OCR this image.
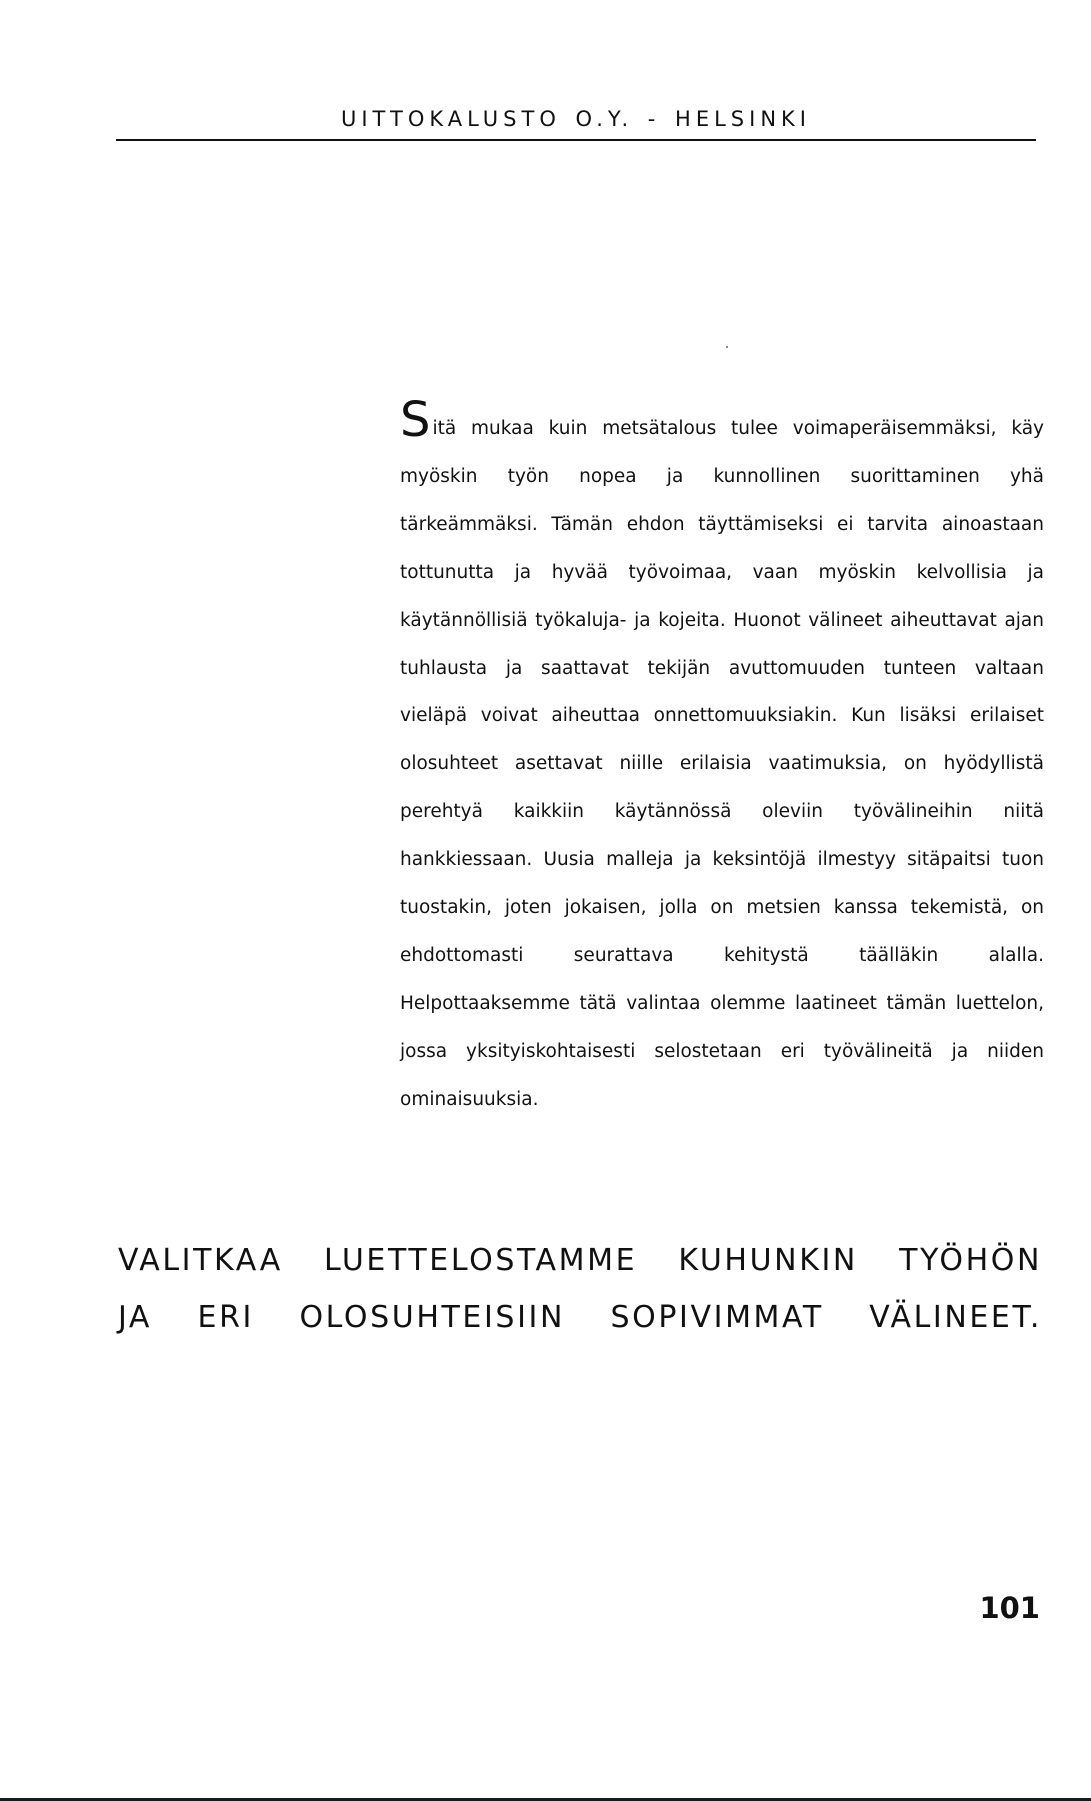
UITTOKALUSTO O.Y. - HELSINKI

Sitä mukaa kuin metsätalous tulee voimaperäisemmäksi, käy myöskin työn nopea ja kunnollinen suorittaminen yhä tärkeämmäksi. Tämän ehdon täyttämiseksi ei tarvita ainoastaan tottunutta ja hyvää työvoimaa, vaan myöskin kelvollisia ja käytännöllisiä työkaluja- ja kojeita. Huonot välineet aiheuttavat ajan tuhlausta ja saattavat tekijän avuttomuuden tunteen valtaan vieläpä voivat aiheuttaa onnettomuuksiakin. Kun lisäksi erilaiset olosuhteet asettavat niille erilaisia vaatimuksia, on hyödyllistä perehtyä kaikkiin käytännössä oleviin työvälineihin niitä hankkiessaan. Uusia malleja ja keksintöjä ilmestyy sitäpaitsi tuon tuostakin, joten jokaisen, jolla on metsien kanssa tekemistä, on ehdottomasti seurattava kehitystä täälläkin alalla. Helpottaaksemme tätä valintaa olemme laatineet tämän luettelon, jossa yksityiskohtaisesti selostetaan eri työvälineitä ja niiden ominaisuuksia.

VALITKAA LUETTELOSTAMME KUHUNKIN TYÖHÖN
JA ERI OLOSUHTEISIIN SOPIVIMMAT VÄLINEET.
101
